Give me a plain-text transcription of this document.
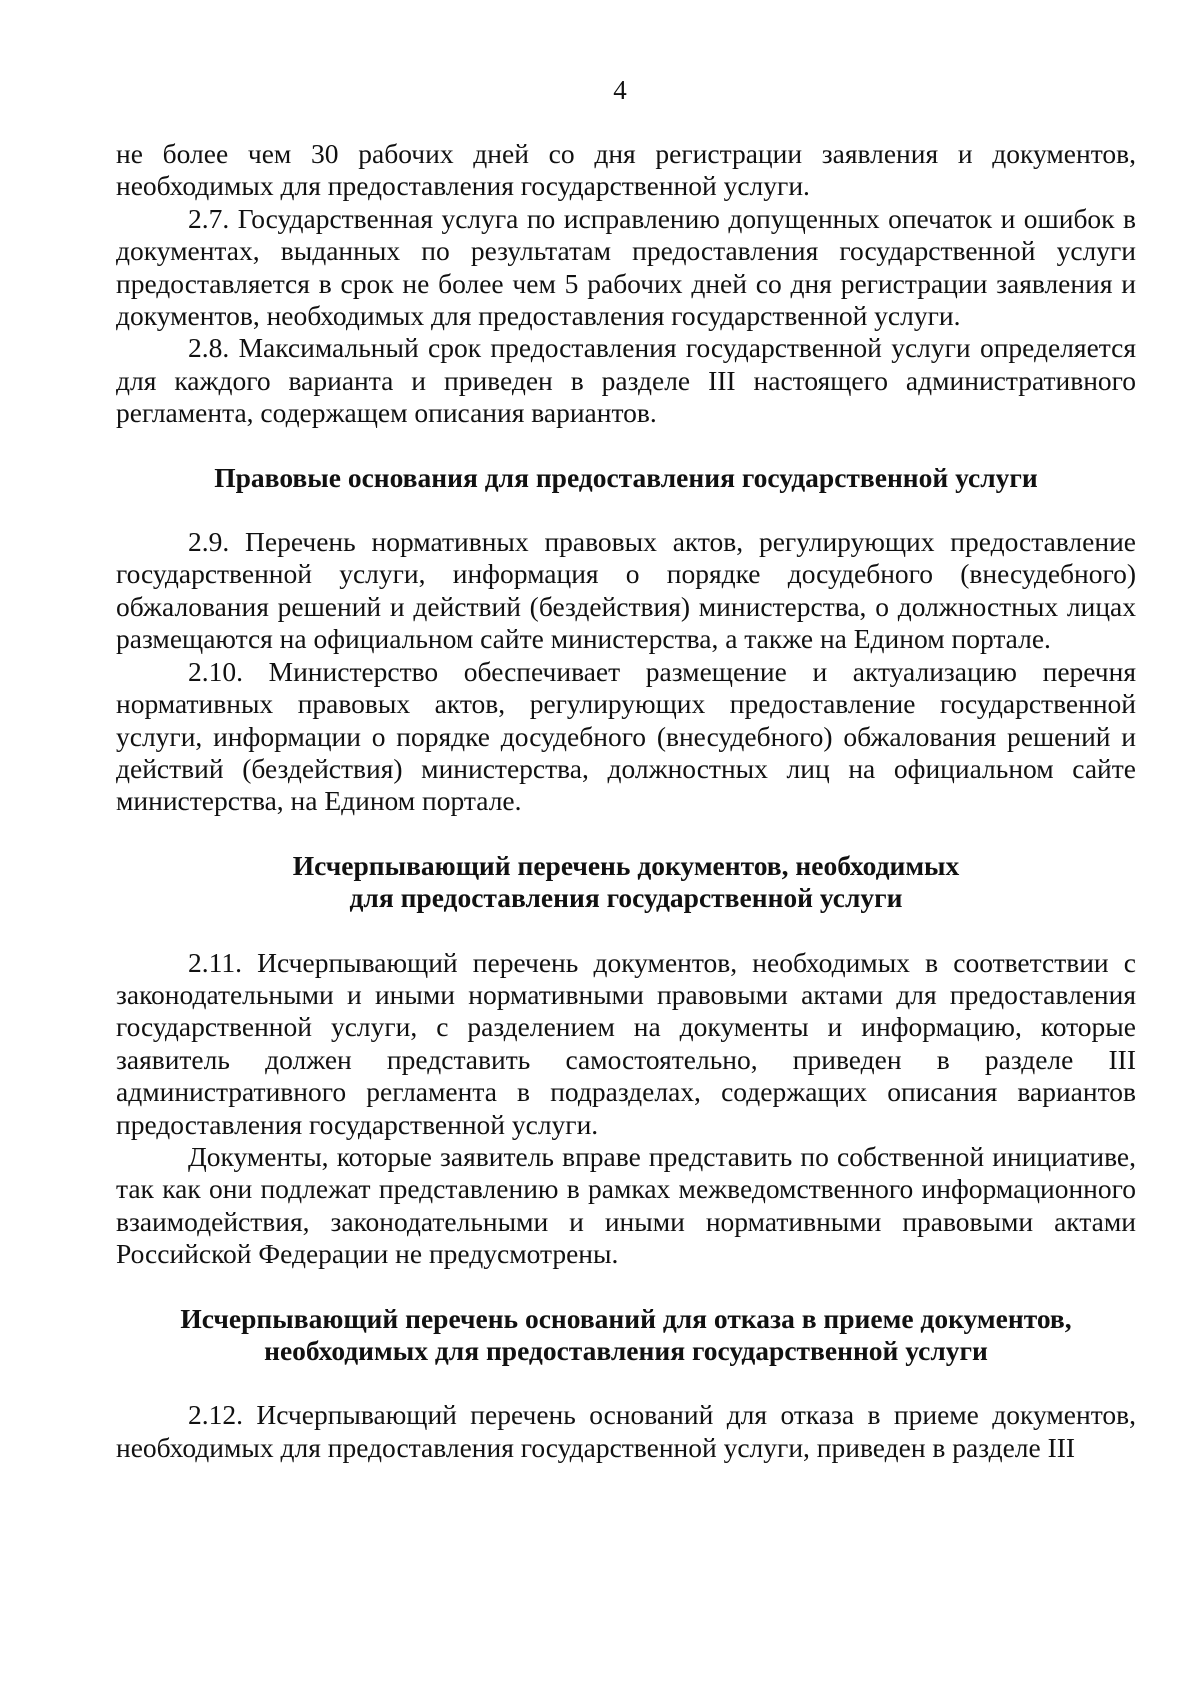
4

не более чем 30 рабочих дней со дня регистрации заявления и документов, необходимых для предоставления государственной услуги.

2.7. Государственная услуга по исправлению допущенных опечаток и ошибок в документах, выданных по результатам предоставления государственной услуги предоставляется в срок не более чем 5 рабочих дней со дня регистрации заявления и документов, необходимых для предоставления государственной услуги.

2.8. Максимальный срок предоставления государственной услуги определяется для каждого варианта и приведен в разделе III настоящего административного регламента, содержащем описания вариантов.

Правовые основания для предоставления государственной услуги

2.9. Перечень нормативных правовых актов, регулирующих предоставление государственной услуги, информация о порядке досудебного (внесудебного) обжалования решений и действий (бездействия) министерства, о должностных лицах размещаются на официальном сайте министерства, а также на Едином портале.

2.10. Министерство обеспечивает размещение и актуализацию перечня нормативных правовых актов, регулирующих предоставление государственной услуги, информации о порядке досудебного (внесудебного) обжалования решений и действий (бездействия) министерства, должностных лиц на официальном сайте министерства, на Едином портале.

Исчерпывающий перечень документов, необходимых
для предоставления государственной услуги

2.11. Исчерпывающий перечень документов, необходимых в соответствии с законодательными и иными нормативными правовыми актами для предоставления государственной услуги, с разделением на документы и информацию, которые заявитель должен представить самостоятельно, приведен в разделе III административного регламента в подразделах, содержащих описания вариантов предоставления государственной услуги.

Документы, которые заявитель вправе представить по собственной инициативе, так как они подлежат представлению в рамках межведомственного информационного взаимодействия, законодательными и иными нормативными правовыми актами Российской Федерации не предусмотрены.

Исчерпывающий перечень оснований для отказа в приеме документов,
необходимых для предоставления государственной услуги

2.12. Исчерпывающий перечень оснований для отказа в приеме документов, необходимых для предоставления государственной услуги, приведен в разделе III
